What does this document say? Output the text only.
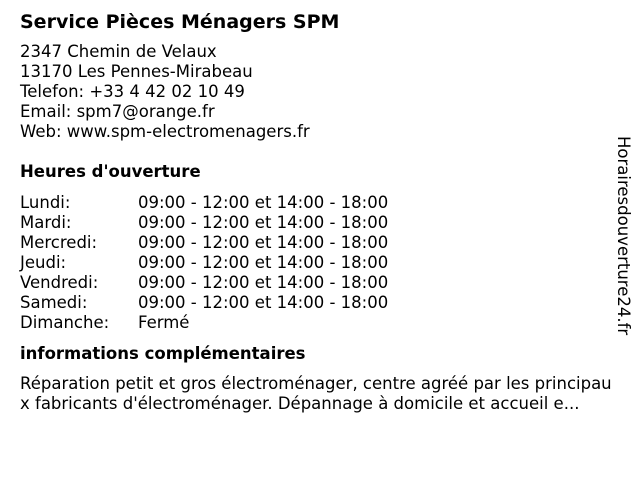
Service Pièces Ménagers SPM
2347 Chemin de Velaux
13170 Les Pennes-Mirabeau
Telefon: +33 4 42 02 10 49
Email: spm7@orange.fr
Web: www.spm-electromenagers.fr
Heures d'ouverture
Lundi:	09:00 - 12:00 et 14:00 - 18:00
Mardi:	09:00 - 12:00 et 14:00 - 18:00
Mercredi:	09:00 - 12:00 et 14:00 - 18:00
Jeudi:	09:00 - 12:00 et 14:00 - 18:00
Vendredi:	09:00 - 12:00 et 14:00 - 18:00
Samedi:	09:00 - 12:00 et 14:00 - 18:00
Dimanche:	Fermé
informations complémentaires
Réparation petit et gros électroménager, centre agréé par les principaux fabricants d'électroménager. Dépannage à domicile et accueil e...
Horairesdouverture24.fr
